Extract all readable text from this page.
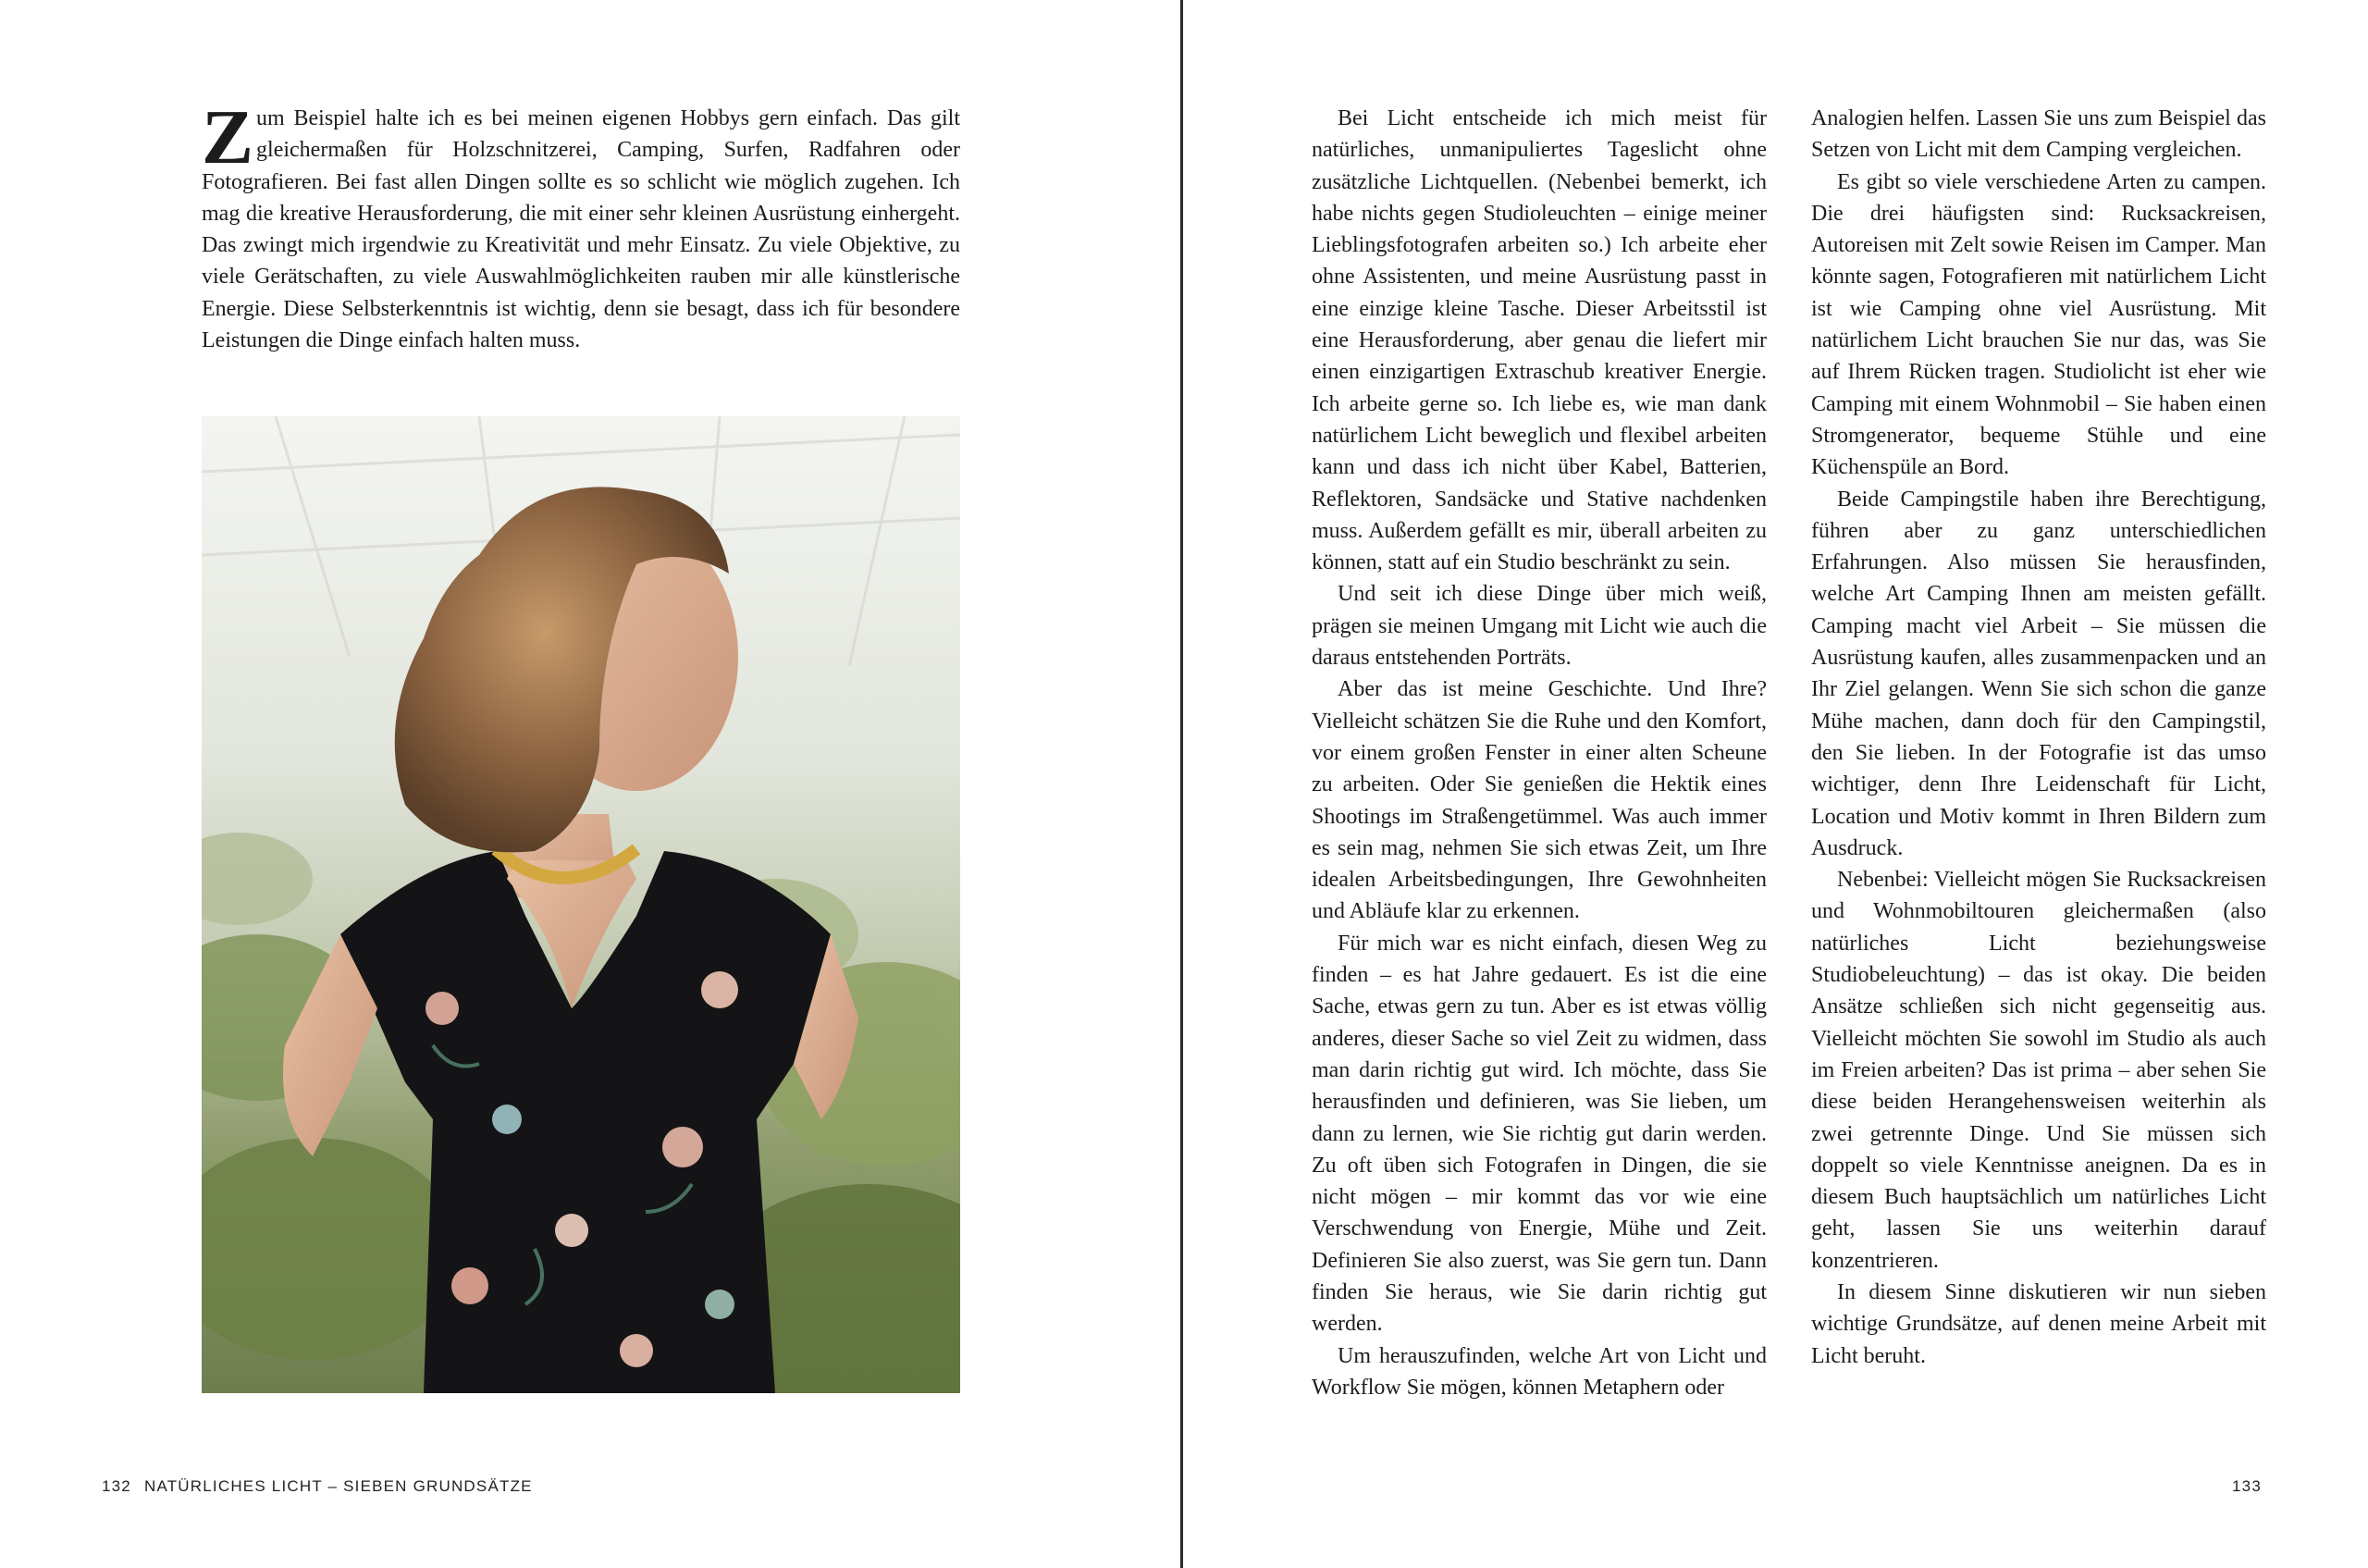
Zum Beispiel halte ich es bei meinen eigenen Hobbys gern einfach. Das gilt gleichermaßen für Holzschnitzerei, Camping, Surfen, Radfahren oder Fotografieren. Bei fast allen Dingen sollte es so schlicht wie möglich zugehen. Ich mag die kreative Herausforderung, die mit einer sehr kleinen Ausrüstung einhergeht. Das zwingt mich irgendwie zu Kreativität und mehr Einsatz. Zu viele Objektive, zu viele Gerätschaften, zu viele Auswahlmöglichkeiten rauben mir alle künstlerische Energie. Diese Selbsterkenntnis ist wichtig, denn sie besagt, dass ich für besondere Leistungen die Dinge einfach halten muss.

132 NATÜRLICHES LICHT – SIEBEN GRUNDSÄTZE

Bei Licht entscheide ich mich meist für natürliches, unmanipuliertes Tageslicht ohne zusätzliche Lichtquellen. (Nebenbei bemerkt, ich habe nichts gegen Studioleuchten – einige meiner Lieblingsfotografen arbeiten so.) Ich arbeite eher ohne Assistenten, und meine Ausrüstung passt in eine einzige kleine Tasche. Dieser Arbeitsstil ist eine Herausforderung, aber genau die liefert mir einen einzigartigen Extraschub kreativer Energie. Ich arbeite gerne so. Ich liebe es, wie man dank natürlichem Licht beweglich und flexibel arbeiten kann und dass ich nicht über Kabel, Batterien, Reflektoren, Sandsäcke und Stative nachdenken muss. Außerdem gefällt es mir, überall arbeiten zu können, statt auf ein Studio beschränkt zu sein.

Und seit ich diese Dinge über mich weiß, prägen sie meinen Umgang mit Licht wie auch die daraus entstehenden Porträts.

Aber das ist meine Geschichte. Und Ihre? Vielleicht schätzen Sie die Ruhe und den Komfort, vor einem großen Fenster in einer alten Scheune zu arbeiten. Oder Sie genießen die Hektik eines Shootings im Straßengetümmel. Was auch immer es sein mag, nehmen Sie sich etwas Zeit, um Ihre idealen Arbeitsbedingungen, Ihre Gewohnheiten und Abläufe klar zu erkennen.

Für mich war es nicht einfach, diesen Weg zu finden – es hat Jahre gedauert. Es ist die eine Sache, etwas gern zu tun. Aber es ist etwas völlig anderes, dieser Sache so viel Zeit zu widmen, dass man darin richtig gut wird. Ich möchte, dass Sie herausfinden und definieren, was Sie lieben, um dann zu lernen, wie Sie richtig gut darin werden. Zu oft üben sich Fotografen in Dingen, die sie nicht mögen – mir kommt das vor wie eine Verschwendung von Energie, Mühe und Zeit. Definieren Sie also zuerst, was Sie gern tun. Dann finden Sie heraus, wie Sie darin richtig gut werden.

Um herauszufinden, welche Art von Licht und Workflow Sie mögen, können Metaphern oder

Analogien helfen. Lassen Sie uns zum Beispiel das Setzen von Licht mit dem Camping vergleichen.

Es gibt so viele verschiedene Arten zu campen. Die drei häufigsten sind: Rucksackreisen, Autoreisen mit Zelt sowie Reisen im Camper. Man könnte sagen, Fotografieren mit natürlichem Licht ist wie Camping ohne viel Ausrüstung. Mit natürlichem Licht brauchen Sie nur das, was Sie auf Ihrem Rücken tragen. Studiolicht ist eher wie Camping mit einem Wohnmobil – Sie haben einen Stromgenerator, bequeme Stühle und eine Küchenspüle an Bord.

Beide Campingstile haben ihre Berechtigung, führen aber zu ganz unterschiedlichen Erfahrungen. Also müssen Sie herausfinden, welche Art Camping Ihnen am meisten gefällt. Camping macht viel Arbeit – Sie müssen die Ausrüstung kaufen, alles zusammenpacken und an Ihr Ziel gelangen. Wenn Sie sich schon die ganze Mühe machen, dann doch für den Campingstil, den Sie lieben. In der Fotografie ist das umso wichtiger, denn Ihre Leidenschaft für Licht, Location und Motiv kommt in Ihren Bildern zum Ausdruck.

Nebenbei: Vielleicht mögen Sie Rucksackreisen und Wohnmobiltouren gleichermaßen (also natürliches Licht beziehungsweise Studiobeleuchtung) – das ist okay. Die beiden Ansätze schließen sich nicht gegenseitig aus. Vielleicht möchten Sie sowohl im Studio als auch im Freien arbeiten? Das ist prima – aber sehen Sie diese beiden Herangehensweisen weiterhin als zwei getrennte Dinge. Und Sie müssen sich doppelt so viele Kenntnisse aneignen. Da es in diesem Buch hauptsächlich um natürliches Licht geht, lassen Sie uns weiterhin darauf konzentrieren.

In diesem Sinne diskutieren wir nun sieben wichtige Grundsätze, auf denen meine Arbeit mit Licht beruht.

133
